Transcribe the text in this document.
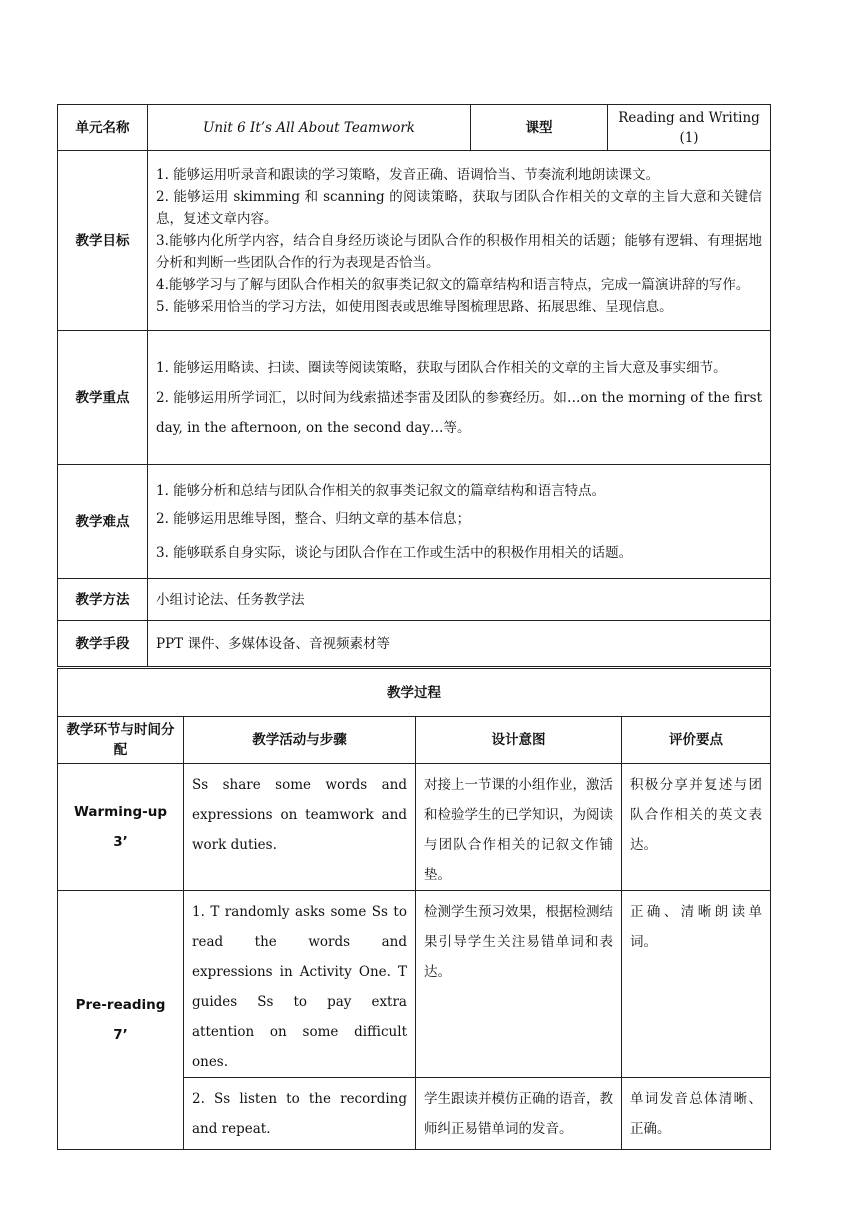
单元名称	Unit 6 It’s All About Teamwork	课型	Reading and Writing (1)
教学目标	1. 能够运用听录音和跟读的学习策略，发音正确、语调恰当、节奏流利地朗读课文。

2. 能够运用 skimming 和 scanning 的阅读策略，获取与团队合作相关的文章的主旨大意和关键信息，复述文章内容。

3.能够内化所学内容，结合自身经历谈论与团队合作的积极作用相关的话题；能够有逻辑、有理据地分析和判断一些团队合作的行为表现是否恰当。

4.能够学习与了解与团队合作相关的叙事类记叙文的篇章结构和语言特点，完成一篇演讲辞的写作。

5. 能够采用恰当的学习方法，如使用图表或思维导图梳理思路、拓展思维、呈现信息。		

教学重点	1. 能够运用略读、扫读、圈读等阅读策略，获取与团队合作相关的文章的主旨大意及事实细节。

2. 能够运用所学词汇，以时间为线索描述李雷及团队的参赛经历。如…on the morning of the first day, in the afternoon, on the second day…等。		

教学难点	1. 能够分析和总结与团队合作相关的叙事类记叙文的篇章结构和语言特点。

2. 能够运用思维导图，整合、归纳文章的基本信息；

3. 能够联系自身实际，谈论与团队合作在工作或生活中的积极作用相关的话题。		

教学方法	小组讨论法、任务教学法		
教学手段	PPT 课件、多媒体设备、音视频素材等		
教学过程			
教学环节与时间分配	教学活动与步骤	设计意图	评价要点

Warming-up
3’	Ss share some words and expressions on teamwork and work duties.	对接上一节课的小组作业，激活和检验学生的已学知识，为阅读与团队合作相关的记叙文作铺垫。	积极分享并复述与团队合作相关的英文表达。

Pre-reading
7’	1. T randomly asks some Ss to read the words and expressions in Activity One. T guides Ss to pay extra attention on some difficult ones.	检测学生预习效果，根据检测结果引导学生关注易错单词和表达。	正确、清晰朗读单词。
	2. Ss listen to the recording and repeat.	学生跟读并模仿正确的语音，教师纠正易错单词的发音。	单词发音总体清晰、正确。
